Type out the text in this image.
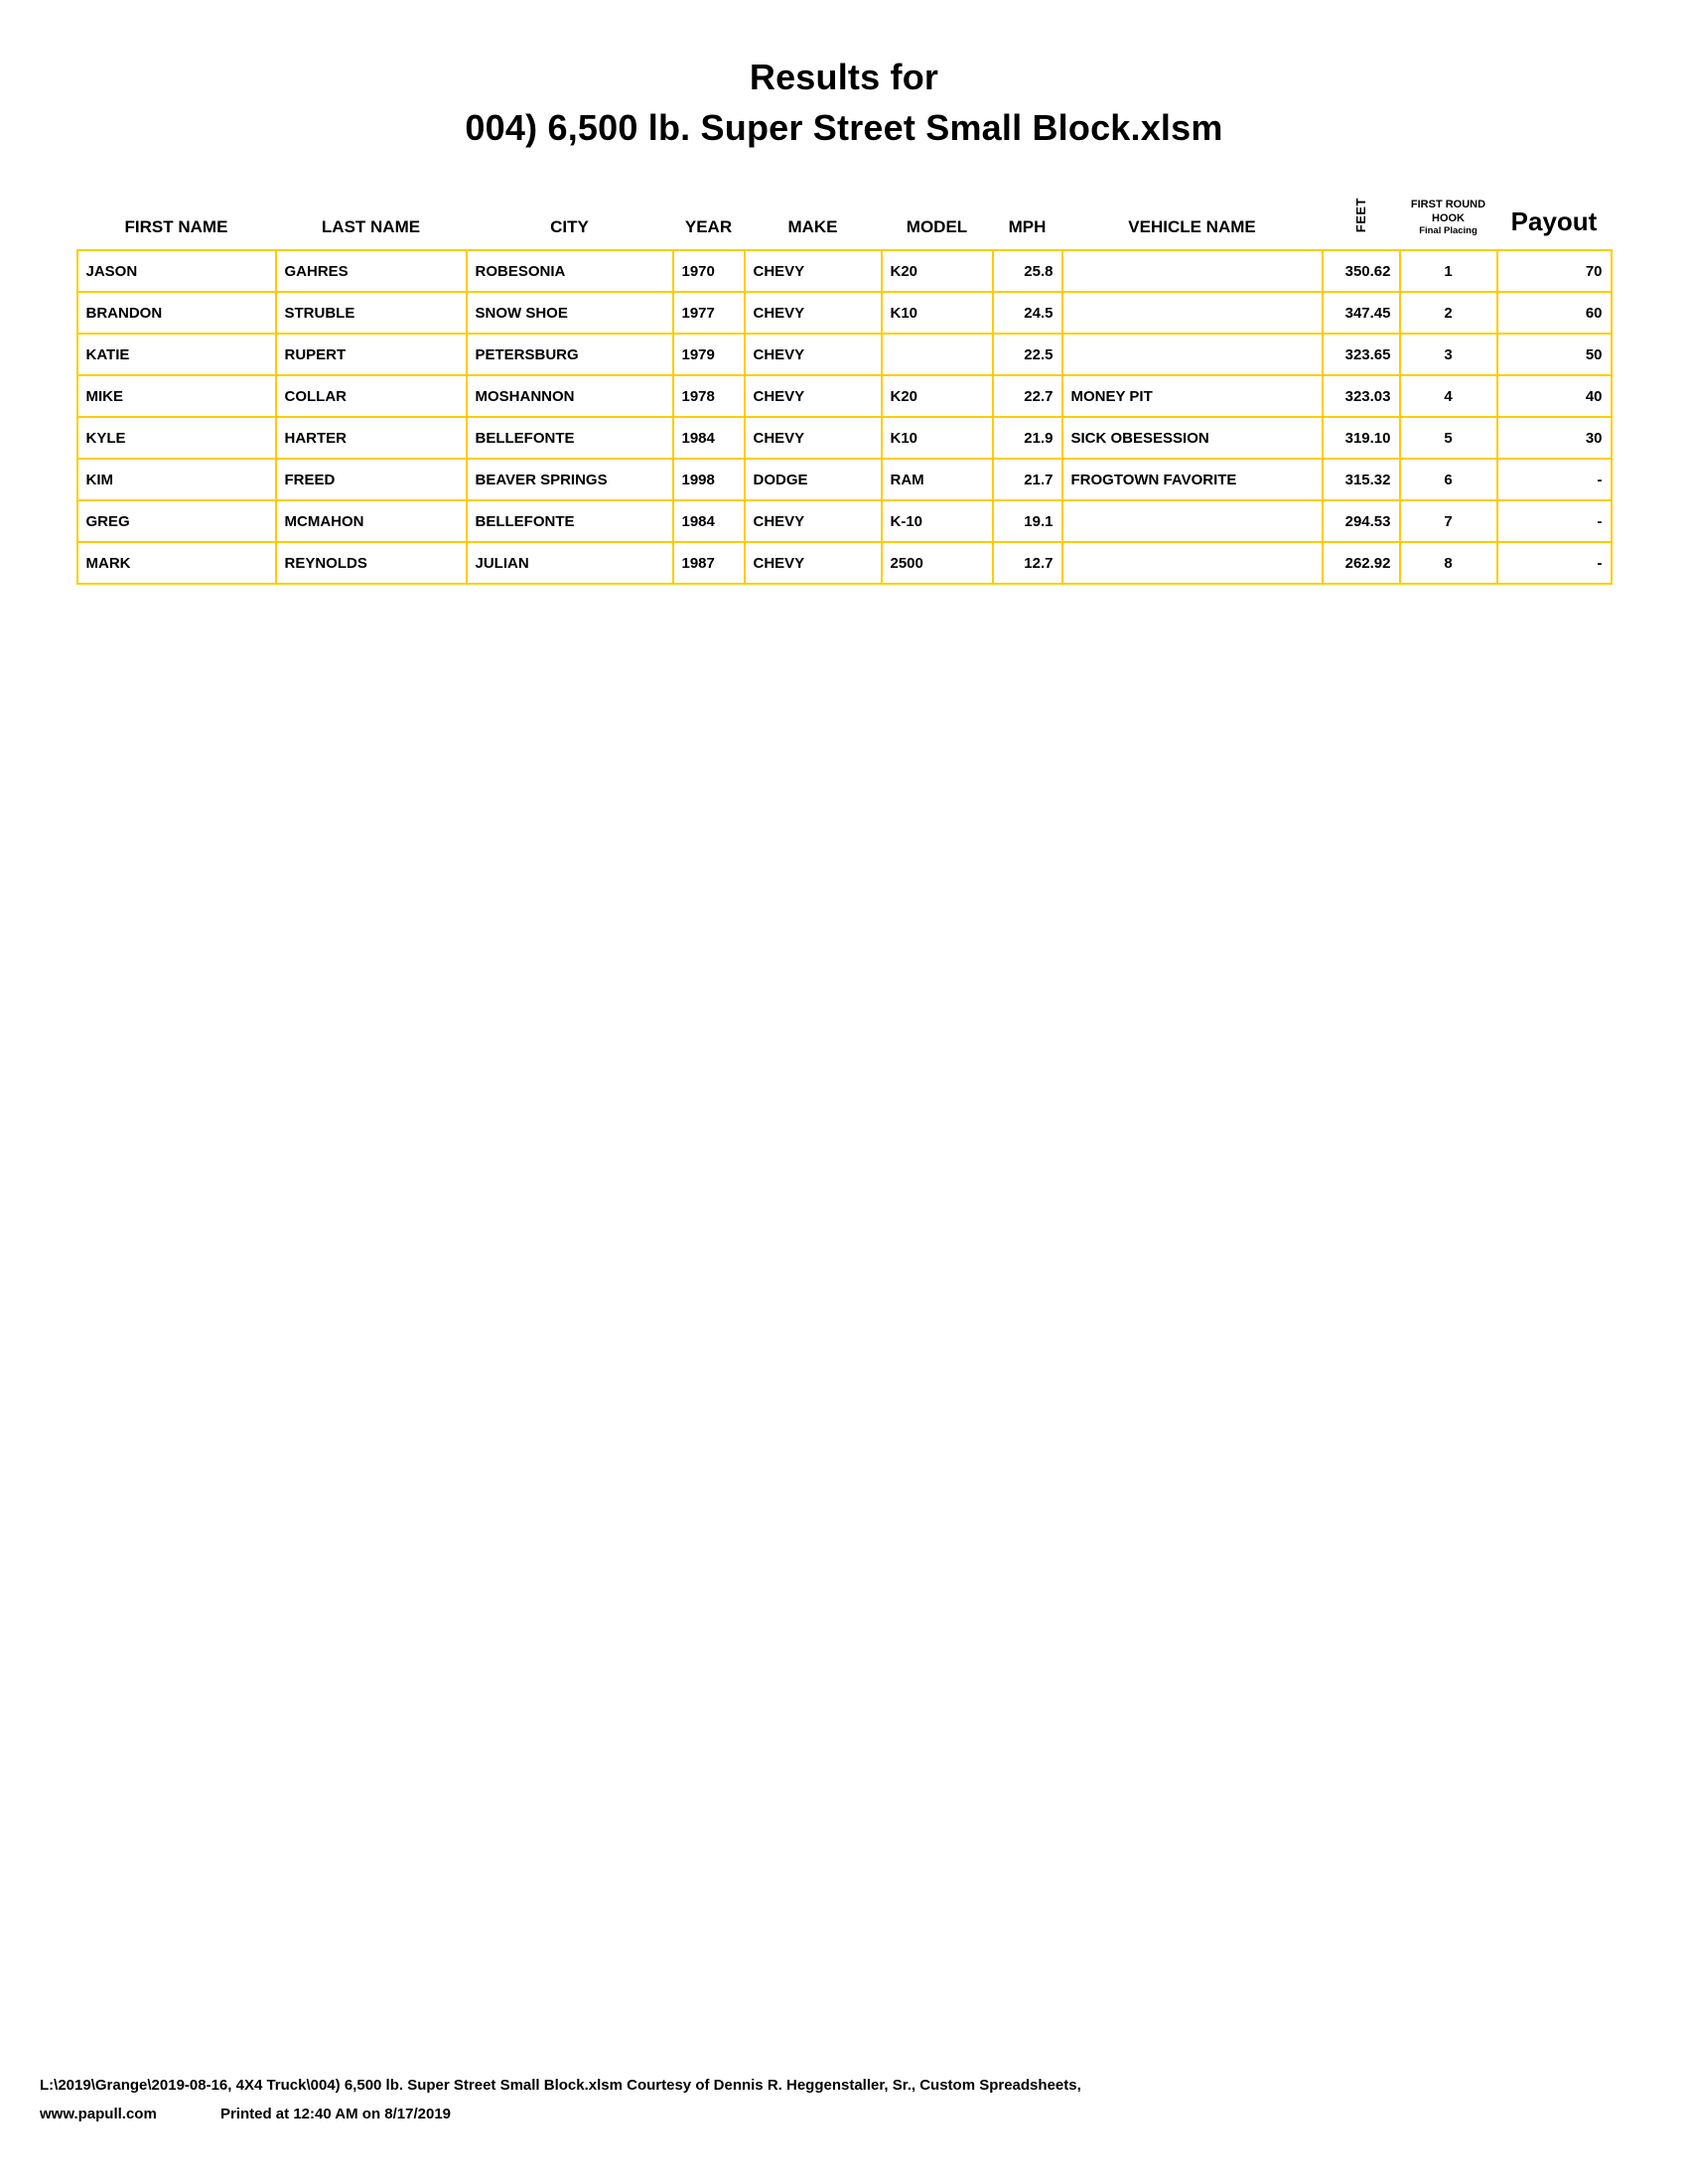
Results for
004) 6,500 lb. Super Street Small Block.xlsm
FIRST NAME	LAST NAME	CITY	YEAR	MAKE	MODEL	MPH	VEHICLE NAME	FEET	FIRST ROUND
HOOK
Final Placing	Payout
JASON	GAHRES	ROBESONIA	1970	CHEVY	K20	25.8		350.62	1	70
BRANDON	STRUBLE	SNOW SHOE	1977	CHEVY	K10	24.5		347.45	2	60
KATIE	RUPERT	PETERSBURG	1979	CHEVY		22.5		323.65	3	50
MIKE	COLLAR	MOSHANNON	1978	CHEVY	K20	22.7	MONEY PIT	323.03	4	40
KYLE	HARTER	BELLEFONTE	1984	CHEVY	K10	21.9	SICK OBESESSION	319.10	5	30
KIM	FREED	BEAVER SPRINGS	1998	DODGE	RAM	21.7	FROGTOWN FAVORITE	315.32	6	-
GREG	MCMAHON	BELLEFONTE	1984	CHEVY	K-10	19.1		294.53	7	-
MARK	REYNOLDS	JULIAN	1987	CHEVY	2500	12.7		262.92	8	-
L:\2019\Grange\2019-08-16, 4X4 Truck\004) 6,500 lb. Super Street Small Block.xlsm Courtesy of Dennis R. Heggenstaller, Sr., Custom Spreadsheets,
www.papull.com	Printed at 12:40 AM on 8/17/2019
